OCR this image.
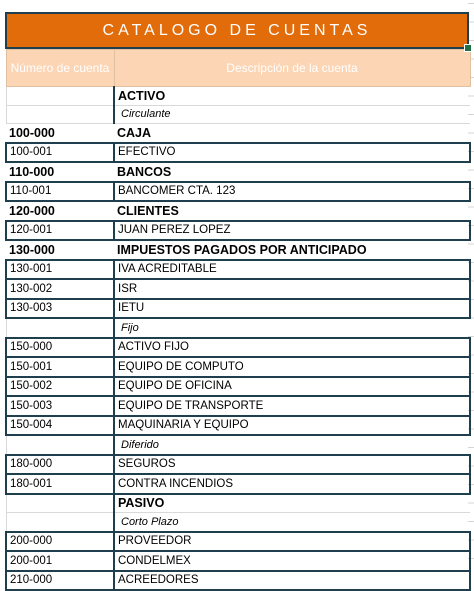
CATALOGO DE CUENTAS
Número de cuenta	Descripción de la cuenta
	ACTIVO
	Circulante
100-000	CAJA
100-001	EFECTIVO
110-000	BANCOS
110-001	BANCOMER CTA. 123
120-000	CLIENTES
120-001	JUAN PEREZ LOPEZ
130-000	IMPUESTOS PAGADOS POR ANTICIPADO
130-001	IVA ACREDITABLE
130-002	ISR
130-003	IETU
	Fijo
150-000	ACTIVO FIJO
150-001	EQUIPO DE COMPUTO
150-002	EQUIPO DE OFICINA
150-003	EQUIPO DE TRANSPORTE
150-004	MAQUINARIA Y EQUIPO
	Diferido
180-000	SEGUROS
180-001	CONTRA INCENDIOS
	PASIVO
	Corto Plazo
200-000	PROVEEDOR
200-001	CONDELMEX
210-000	ACREEDORES
